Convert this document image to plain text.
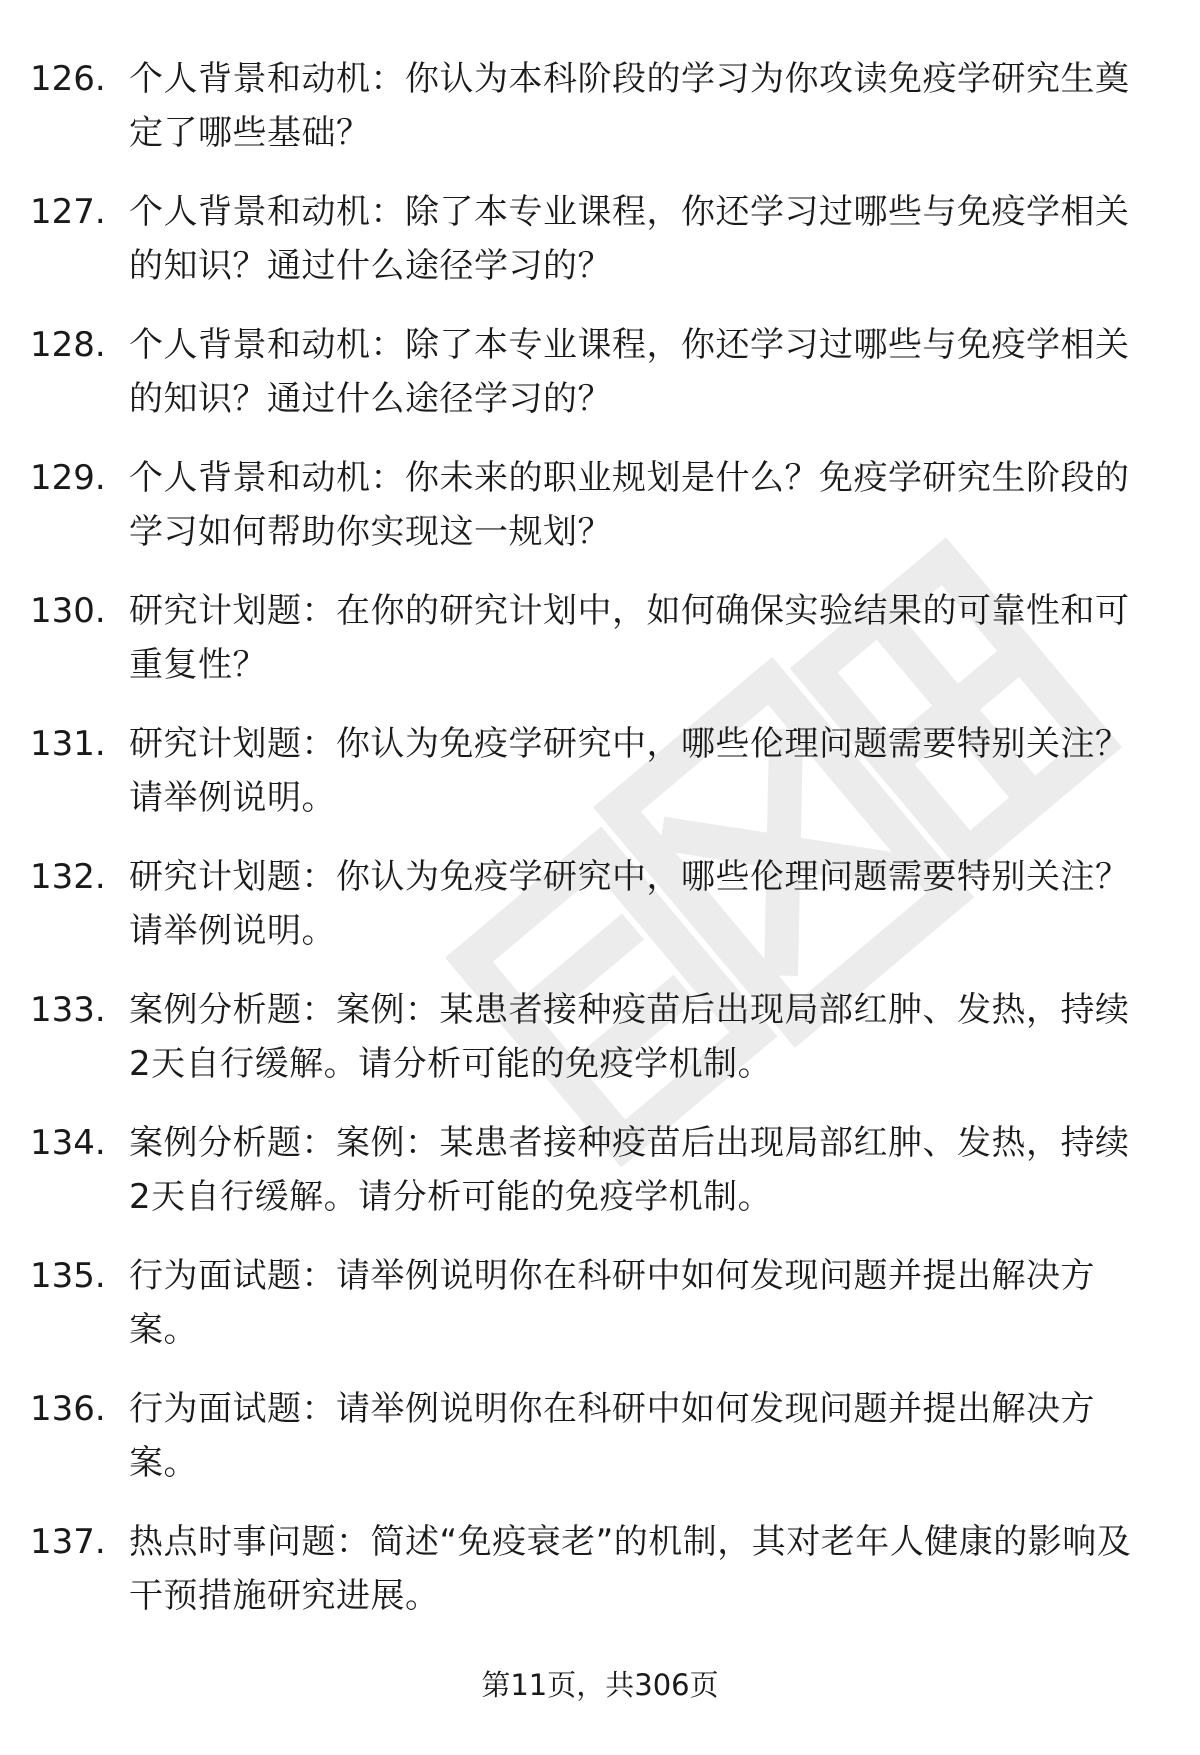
126. 个人背景和动机：你认为本科阶段的学习为你攻读免疫学研究生奠定了哪些基础？
127. 个人背景和动机：除了本专业课程，你还学习过哪些与免疫学相关的知识？通过什么途径学习的？
128. 个人背景和动机：除了本专业课程，你还学习过哪些与免疫学相关的知识？通过什么途径学习的？
129. 个人背景和动机：你未来的职业规划是什么？免疫学研究生阶段的学习如何帮助你实现这一规划？
130. 研究计划题：在你的研究计划中，如何确保实验结果的可靠性和可重复性？
131. 研究计划题：你认为免疫学研究中，哪些伦理问题需要特别关注？请举例说明。
132. 研究计划题：你认为免疫学研究中，哪些伦理问题需要特别关注？请举例说明。
133. 案例分析题：案例：某患者接种疫苗后出现局部红肿、发热，持续2天自行缓解。请分析可能的免疫学机制。
134. 案例分析题：案例：某患者接种疫苗后出现局部红肿、发热，持续2天自行缓解。请分析可能的免疫学机制。
135. 行为面试题：请举例说明你在科研中如何发现问题并提出解决方案。
136. 行为面试题：请举例说明你在科研中如何发现问题并提出解决方案。
137. 热点时事问题：简述“免疫衰老”的机制，其对老年人健康的影响及干预措施研究进展。
第11页，共306页
